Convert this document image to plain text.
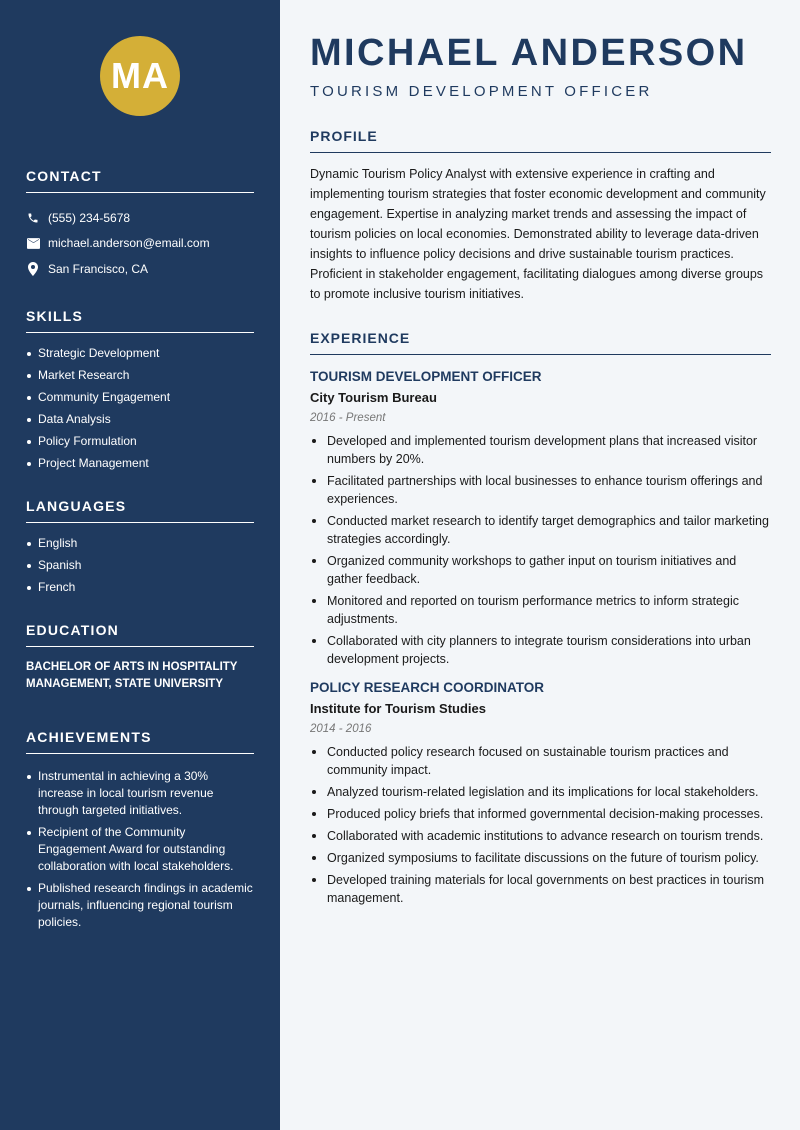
MA
CONTACT
(555) 234-5678
michael.anderson@email.com
San Francisco, CA
SKILLS
Strategic Development
Market Research
Community Engagement
Data Analysis
Policy Formulation
Project Management
LANGUAGES
English
Spanish
French
EDUCATION
BACHELOR OF ARTS IN HOSPITALITY MANAGEMENT, STATE UNIVERSITY
ACHIEVEMENTS
Instrumental in achieving a 30% increase in local tourism revenue through targeted initiatives.
Recipient of the Community Engagement Award for outstanding collaboration with local stakeholders.
Published research findings in academic journals, influencing regional tourism policies.
MICHAEL ANDERSON
TOURISM DEVELOPMENT OFFICER
PROFILE

Dynamic Tourism Policy Analyst with extensive experience in crafting and implementing tourism strategies that foster economic development and community engagement. Expertise in analyzing market trends and assessing the impact of tourism policies on local economies. Demonstrated ability to leverage data-driven insights to influence policy decisions and drive sustainable tourism practices. Proficient in stakeholder engagement, facilitating dialogues among diverse groups to promote inclusive tourism initiatives.

EXPERIENCE
TOURISM DEVELOPMENT OFFICER
City Tourism Bureau
2016 - Present
Developed and implemented tourism development plans that increased visitor numbers by 20%.
Facilitated partnerships with local businesses to enhance tourism offerings and experiences.
Conducted market research to identify target demographics and tailor marketing strategies accordingly.
Organized community workshops to gather input on tourism initiatives and gather feedback.
Monitored and reported on tourism performance metrics to inform strategic adjustments.
Collaborated with city planners to integrate tourism considerations into urban development projects.
POLICY RESEARCH COORDINATOR
Institute for Tourism Studies
2014 - 2016
Conducted policy research focused on sustainable tourism practices and community impact.
Analyzed tourism-related legislation and its implications for local stakeholders.
Produced policy briefs that informed governmental decision-making processes.
Collaborated with academic institutions to advance research on tourism trends.
Organized symposiums to facilitate discussions on the future of tourism policy.
Developed training materials for local governments on best practices in tourism management.
